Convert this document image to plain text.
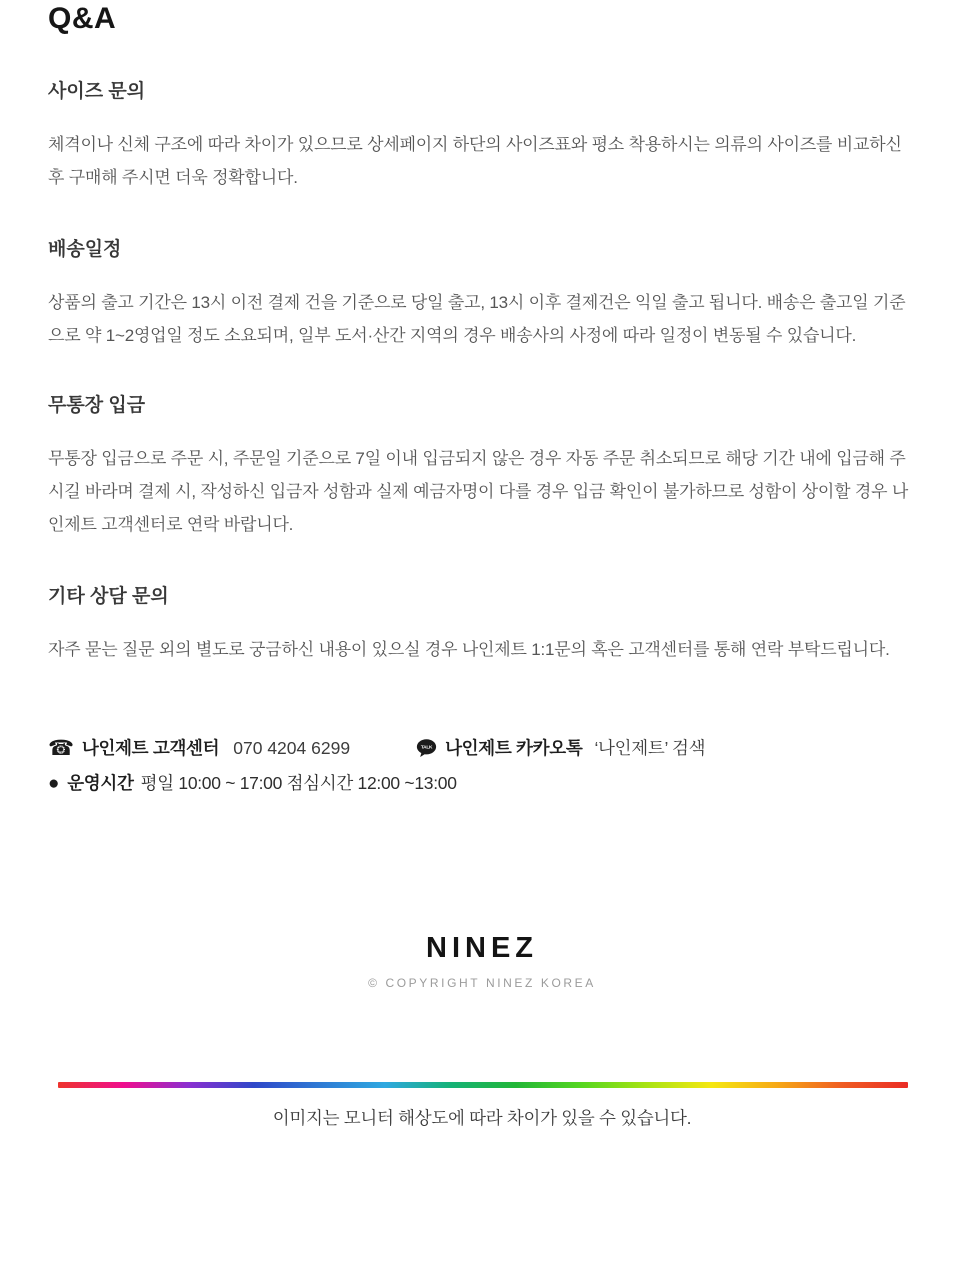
Q&A
사이즈 문의

체격이나 신체 구조에 따라 차이가 있으므로 상세페이지 하단의 사이즈표와 평소 착용하시는 의류의 사이즈를 비교하신 후 구매해 주시면 더욱 정확합니다.

배송일정

상품의 출고 기간은 13시 이전 결제 건을 기준으로 당일 출고, 13시 이후 결제건은 익일 출고 됩니다. 배송은 출고일 기준으로 약 1~2영업일 정도 소요되며, 일부 도서·산간 지역의 경우 배송사의 사정에 따라 일정이 변동될 수 있습니다.

무통장 입금

무통장 입금으로 주문 시, 주문일 기준으로 7일 이내 입금되지 않은 경우 자동 주문 취소되므로 해당 기간 내에 입금해 주시길 바라며 결제 시, 작성하신 입금자 성함과 실제 예금자명이 다를 경우 입금 확인이 불가하므로 성함이 상이할 경우 나인제트 고객센터로 연락 바랍니다.

기타 상담 문의

자주 묻는 질문 외의 별도로 궁금하신 내용이 있으실 경우 나인제트 1:1문의 혹은 고객센터를 통해 연락 부탁드립니다.

☎ 나인제트 고객센터 070 4204 6299	TALK 나인제트 카카오톡 ‘나인제트’ 검색
● 운영시간 평일 10:00 ~ 17:00 점심시간 12:00 ~13:00
NINEZ
© COPYRIGHT NINEZ KOREA

이미지는 모니터 해상도에 따라 차이가 있을 수 있습니다.
